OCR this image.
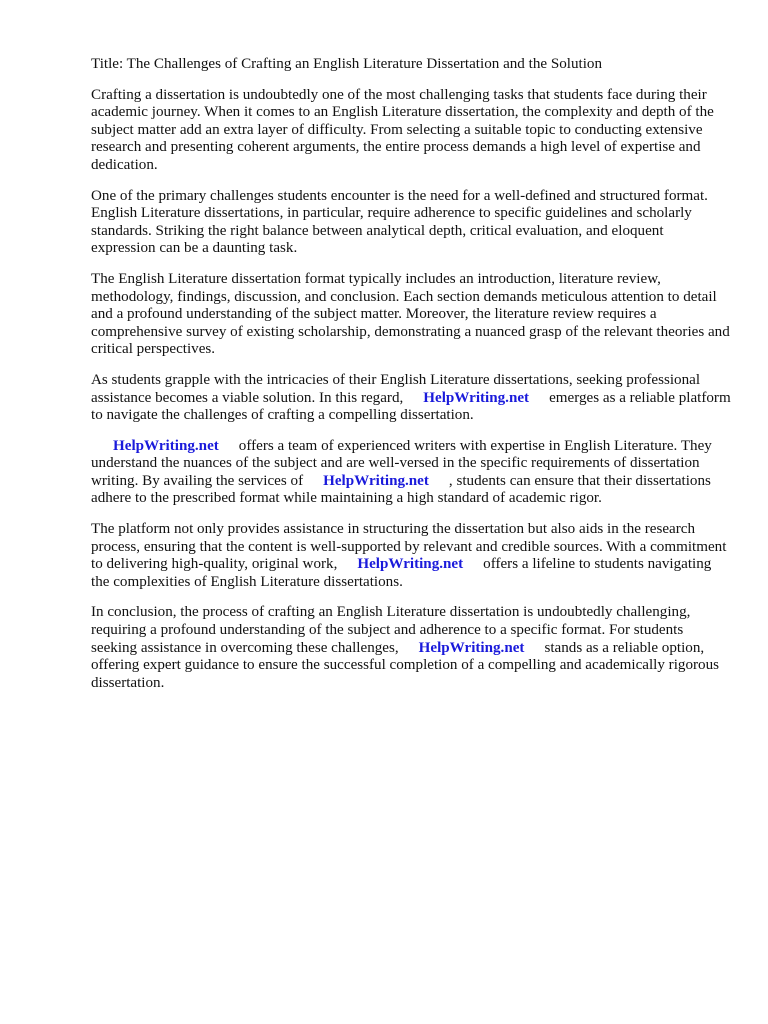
Title: The Challenges of Crafting an English Literature Dissertation and the Solution

Crafting a dissertation is undoubtedly one of the most challenging tasks that students face during their academic journey. When it comes to an English Literature dissertation, the complexity and depth of the subject matter add an extra layer of difficulty. From selecting a suitable topic to conducting extensive research and presenting coherent arguments, the entire process demands a high level of expertise and dedication.

One of the primary challenges students encounter is the need for a well-defined and structured format. English Literature dissertations, in particular, require adherence to specific guidelines and scholarly standards. Striking the right balance between analytical depth, critical evaluation, and eloquent expression can be a daunting task.

The English Literature dissertation format typically includes an introduction, literature review, methodology, findings, discussion, and conclusion. Each section demands meticulous attention to detail and a profound understanding of the subject matter. Moreover, the literature review requires a comprehensive survey of existing scholarship, demonstrating a nuanced grasp of the relevant theories and critical perspectives.

As students grapple with the intricacies of their English Literature dissertations, seeking professional assistance becomes a viable solution. In this regard, HelpWriting.net emerges as a reliable platform to navigate the challenges of crafting a compelling dissertation.

HelpWriting.net offers a team of experienced writers with expertise in English Literature. They understand the nuances of the subject and are well-versed in the specific requirements of dissertation writing. By availing the services of HelpWriting.net , students can ensure that their dissertations adhere to the prescribed format while maintaining a high standard of academic rigor.

The platform not only provides assistance in structuring the dissertation but also aids in the research process, ensuring that the content is well-supported by relevant and credible sources. With a commitment to delivering high-quality, original work, HelpWriting.net offers a lifeline to students navigating the complexities of English Literature dissertations.

In conclusion, the process of crafting an English Literature dissertation is undoubtedly challenging, requiring a profound understanding of the subject and adherence to a specific format. For students seeking assistance in overcoming these challenges, HelpWriting.net stands as a reliable option, offering expert guidance to ensure the successful completion of a compelling and academically rigorous dissertation.
